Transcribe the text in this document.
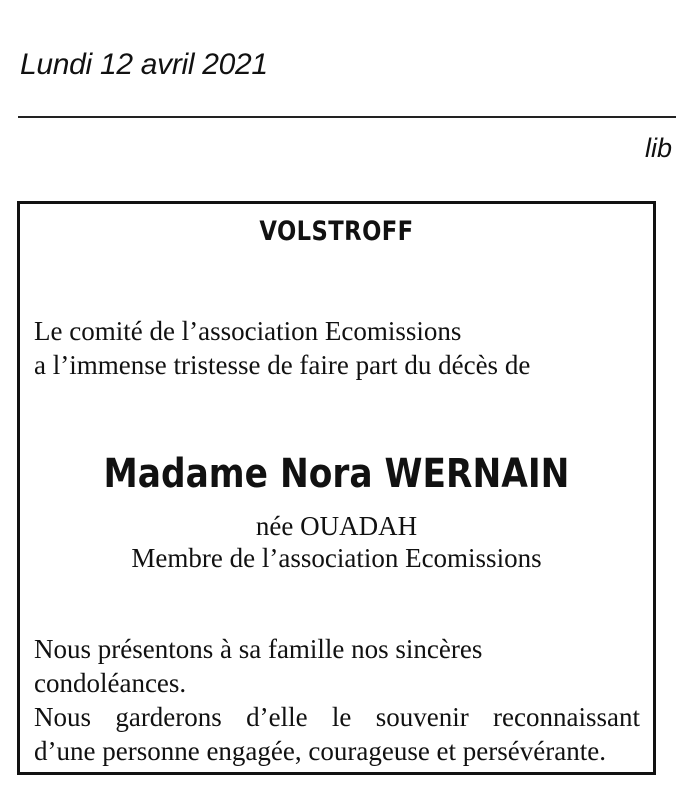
Lundi 12 avril 2021
lib
VOLSTROFF
Le comité de l’association Ecomissions
a l’immense tristesse de faire part du décès de
Madame Nora WERNAIN
née OUADAH
Membre de l’association Ecomissions
Nous présentons à sa famille nos sincères
condoléances.
Nous garderons d’elle le souvenir reconnaissant
d’une personne engagée, courageuse et persévérante.
